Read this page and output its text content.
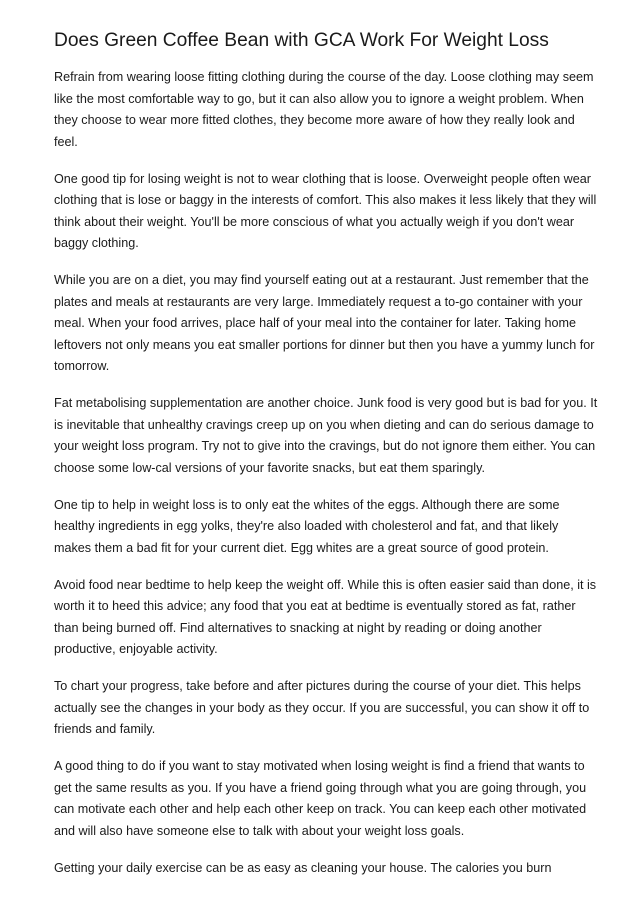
Does Green Coffee Bean with GCA Work For Weight Loss

Refrain from wearing loose fitting clothing during the course of the day. Loose clothing may seem like the most comfortable way to go, but it can also allow you to ignore a weight problem. When they choose to wear more fitted clothes, they become more aware of how they really look and feel.

One good tip for losing weight is not to wear clothing that is loose. Overweight people often wear clothing that is lose or baggy in the interests of comfort. This also makes it less likely that they will think about their weight. You'll be more conscious of what you actually weigh if you don't wear baggy clothing.

While you are on a diet, you may find yourself eating out at a restaurant. Just remember that the plates and meals at restaurants are very large. Immediately request a to-go container with your meal. When your food arrives, place half of your meal into the container for later. Taking home leftovers not only means you eat smaller portions for dinner but then you have a yummy lunch for tomorrow.

Fat metabolising supplementation are another choice. Junk food is very good but is bad for you. It is inevitable that unhealthy cravings creep up on you when dieting and can do serious damage to your weight loss program. Try not to give into the cravings, but do not ignore them either. You can choose some low-cal versions of your favorite snacks, but eat them sparingly.

One tip to help in weight loss is to only eat the whites of the eggs. Although there are some healthy ingredients in egg yolks, they're also loaded with cholesterol and fat, and that likely makes them a bad fit for your current diet. Egg whites are a great source of good protein.

Avoid food near bedtime to help keep the weight off. While this is often easier said than done, it is worth it to heed this advice; any food that you eat at bedtime is eventually stored as fat, rather than being burned off. Find alternatives to snacking at night by reading or doing another productive, enjoyable activity.

To chart your progress, take before and after pictures during the course of your diet. This helps actually see the changes in your body as they occur. If you are successful, you can show it off to friends and family.

A good thing to do if you want to stay motivated when losing weight is find a friend that wants to get the same results as you. If you have a friend going through what you are going through, you can motivate each other and help each other keep on track. You can keep each other motivated and will also have someone else to talk with about your weight loss goals.

Getting your daily exercise can be as easy as cleaning your house. The calories you burn
